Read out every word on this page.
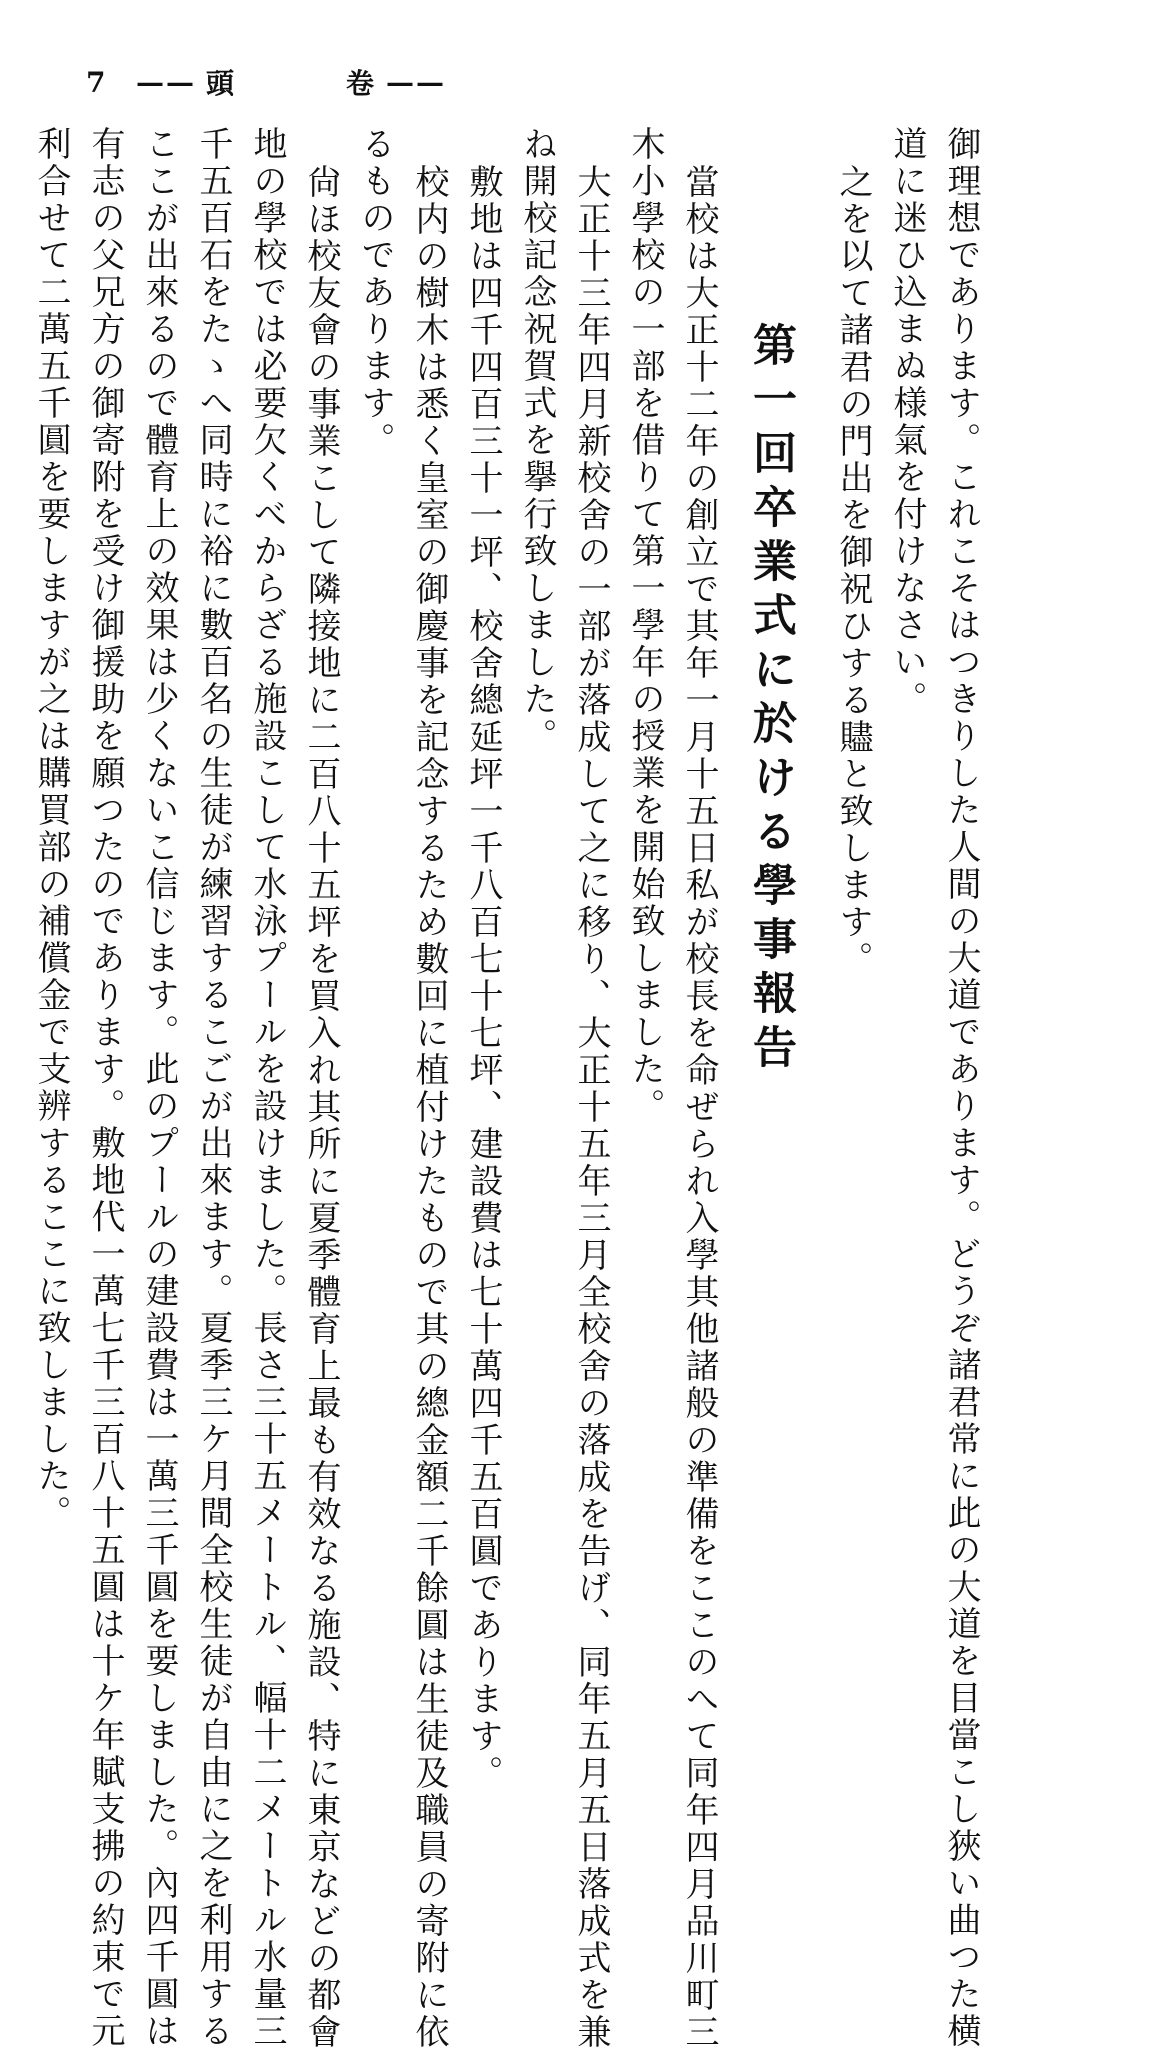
7 —— 頭	卷 ——
御理想であります。これこそはつきりした人間の大道であります。どうぞ諸君常に此の大道を目當こし狹い曲つた横
道に迷ひ込まぬ様氣を付けなさい。
之を以て諸君の門出を御祝ひする贐と致します。
第一回卒業式に於ける學事報告
當校は大正十二年の創立で其年一月十五日私が校長を命ぜられ入學其他諸般の準備をここのへて同年四月品川町三
木小學校の一部を借りて第一學年の授業を開始致しました。
大正十三年四月新校舍の一部が落成して之に移り、大正十五年三月全校舍の落成を告げ、同年五月五日落成式を兼
ね開校記念祝賀式を擧行致しました。
敷地は四千四百三十一坪、校舍總延坪一千八百七十七坪、建設費は七十萬四千五百圓であります。
校内の樹木は悉く皇室の御慶事を記念するため數回に植付けたもので其の總金額二千餘圓は生徒及職員の寄附に依
るものであります。
尙ほ校友會の事業こして隣接地に二百八十五坪を買入れ其所に夏季體育上最も有效なる施設、特に東京などの都會
地の學校では必要欠くべからざる施設こして水泳プールを設けました。長さ三十五メートル、幅十二メートル水量三
千五百石をたゝへ同時に裕に數百名の生徒が練習するこごが出來ます。夏季三ケ月間全校生徒が自由に之を利用する
ここが出來るので體育上の效果は少くないこ信じます。此のプールの建設費は一萬三千圓を要しました。內四千圓は
有志の父兄方の御寄附を受け御援助を願つたのであります。敷地代一萬七千三百八十五圓は十ケ年賦支拂の約束で元
利合せて二萬五千圓を要しますが之は購買部の補償金で支辨するここに致しました。
